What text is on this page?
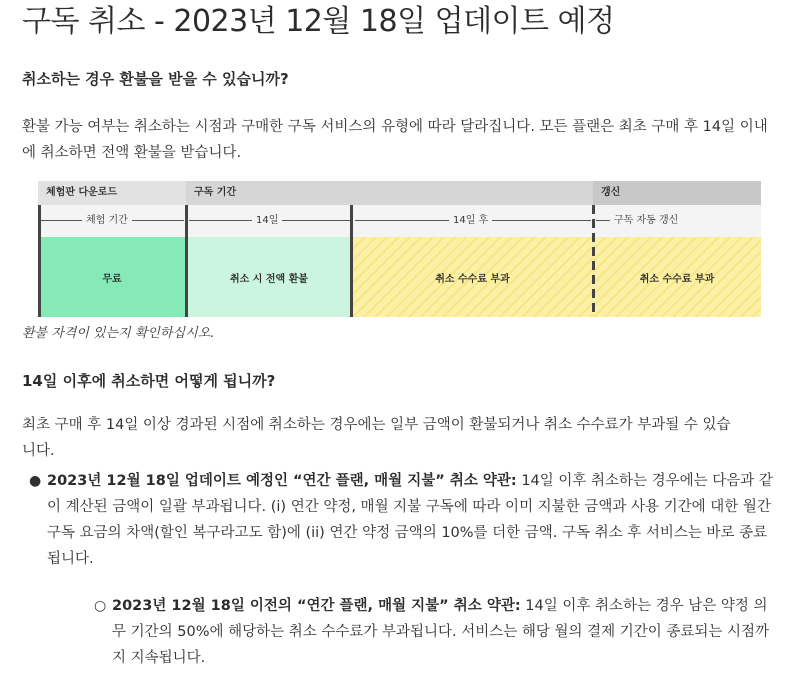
구독 취소 - 2023년 12월 18일 업데이트 예정
취소하는 경우 환불을 받을 수 있습니까?

환불 가능 여부는 취소하는 시점과 구매한 구독 서비스의 유형에 따라 달라집니다. 모든 플랜은 최초 구매 후 14일 이내에 취소하면 전액 환불을 받습니다.

체험판 다운로드	구독 기간	갱신
체험 기간	14일	14일 후	구독 자동 갱신
무료	취소 시 전액 환불	취소 수수료 부과	취소 수수료 부과

환불 자격이 있는지 확인하십시오.

14일 이후에 취소하면 어떻게 됩니까?

최초 구매 후 14일 이상 경과된 시점에 취소하는 경우에는 일부 금액이 환불되거나 취소 수수료가 부과될 수 있습니다.

● 2023년 12월 18일 업데이트 예정인 “연간 플랜, 매월 지불” 취소 약관: 14일 이후 취소하는 경우에는 다음과 같이 계산된 금액이 일괄 부과됩니다. (i) 연간 약정, 매월 지불 구독에 따라 이미 지불한 금액과 사용 기간에 대한 월간 구독 요금의 차액(할인 복구라고도 함)에 (ii) 연간 약정 금액의 10%를 더한 금액. 구독 취소 후 서비스는 바로 종료됩니다.
○ 2023년 12월 18일 이전의 “연간 플랜, 매월 지불” 취소 약관: 14일 이후 취소하는 경우 남은 약정 의무 기간의 50%에 해당하는 취소 수수료가 부과됩니다. 서비스는 해당 월의 결제 기간이 종료되는 시점까지 지속됩니다.
